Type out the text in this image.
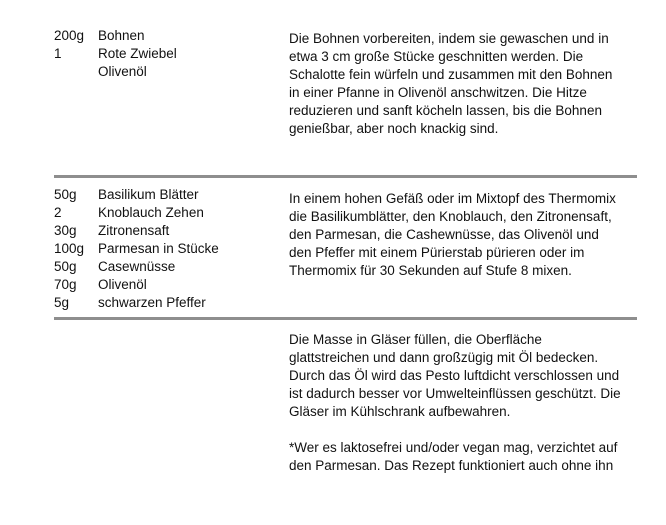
200g	Bohnen
1	Rote Zwiebel
Olivenöl

Die Bohnen vorbereiten, indem sie gewaschen und in etwa 3 cm große Stücke geschnitten werden. Die Schalotte fein würfeln und zusammen mit den Bohnen in einer Pfanne in Olivenöl anschwitzen. Die Hitze reduzieren und sanft köcheln lassen, bis die Bohnen genießbar, aber noch knackig sind.

50g	Basilikum Blätter
2	Knoblauch Zehen
30g	Zitronensaft
100g	Parmesan in Stücke
50g	Casewnüsse
70g	Olivenöl
5g	schwarzen Pfeffer

In einem hohen Gefäß oder im Mixtopf des Thermomix die Basilikumblätter, den Knoblauch, den Zitronensaft, den Parmesan, die Cashewnüsse, das Olivenöl und den Pfeffer mit einem Pürierstab pürieren oder im Thermomix für 30 Sekunden auf Stufe 8 mixen.

Die Masse in Gläser füllen, die Oberfläche glattstreichen und dann großzügig mit Öl bedecken. Durch das Öl wird das Pesto luftdicht verschlossen und ist dadurch besser vor Umwelteinflüssen geschützt. Die Gläser im Kühlschrank aufbewahren.

*Wer es laktosefrei und/oder vegan mag, verzichtet auf den Parmesan. Das Rezept funktioniert auch ohne ihn
